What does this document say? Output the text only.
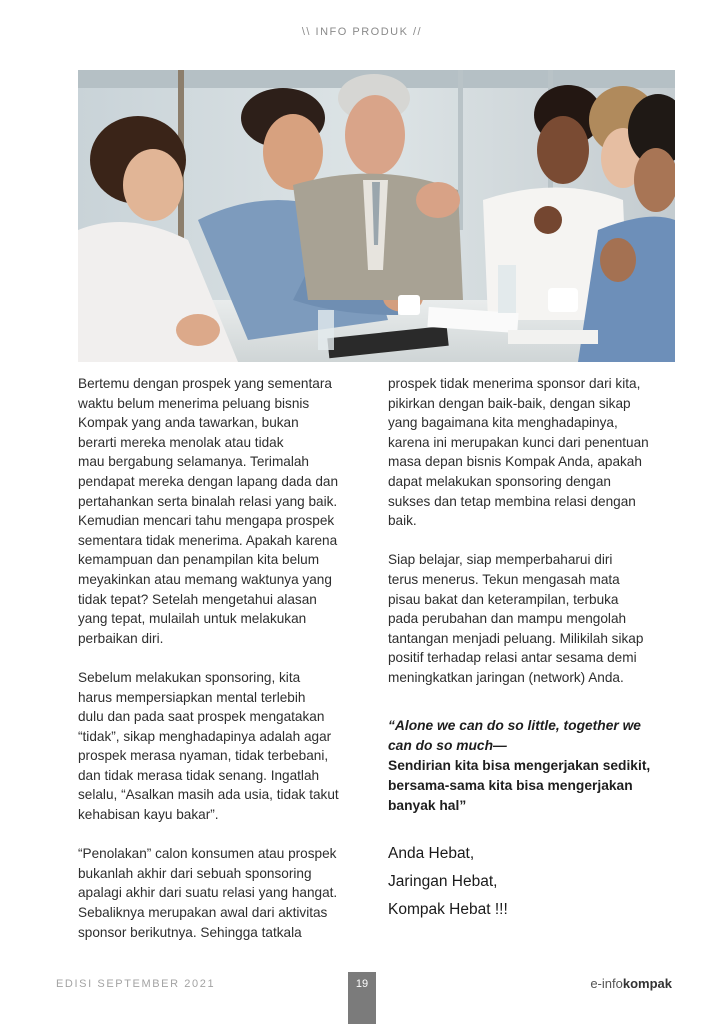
\\ INFO PRODUK //

Bertemu dengan prospek yang sementara
waktu belum menerima peluang bisnis
Kompak yang anda tawarkan, bukan
berarti mereka menolak atau tidak
mau bergabung selamanya. Terimalah
pendapat mereka dengan lapang dada dan
pertahankan serta binalah relasi yang baik.
Kemudian mencari tahu mengapa prospek
sementara tidak menerima. Apakah karena
kemampuan dan penampilan kita belum
meyakinkan atau memang waktunya yang
tidak tepat? Setelah mengetahui alasan
yang tepat, mulailah untuk melakukan
perbaikan diri.

Sebelum melakukan sponsoring, kita
harus mempersiapkan mental terlebih
dulu dan pada saat prospek mengatakan
“tidak”, sikap menghadapinya adalah agar
prospek merasa nyaman, tidak terbebani,
dan tidak merasa tidak senang. Ingatlah
selalu, “Asalkan masih ada usia, tidak takut
kehabisan kayu bakar”.

“Penolakan” calon konsumen atau prospek
bukanlah akhir dari sebuah sponsoring
apalagi akhir dari suatu relasi yang hangat.
Sebaliknya merupakan awal dari aktivitas
sponsor berikutnya. Sehingga tatkala

prospek tidak menerima sponsor dari kita,
pikirkan dengan baik-baik, dengan sikap
yang bagaimana kita menghadapinya,
karena ini merupakan kunci dari penentuan
masa depan bisnis Kompak Anda, apakah
dapat melakukan sponsoring dengan
sukses dan tetap membina relasi dengan
baik.

Siap belajar, siap memperbaharui diri
terus menerus. Tekun mengasah mata
pisau bakat dan keterampilan, terbuka
pada perubahan dan mampu mengolah
tantangan menjadi peluang. Milikilah sikap
positif terhadap relasi antar sesama demi
meningkatkan jaringan (network) Anda.

“Alone we can do so little, together we
can do so much—
Sendirian kita bisa mengerjakan sedikit,
bersama-sama kita bisa mengerjakan
banyak hal”
Anda Hebat,
Jaringan Hebat,
Kompak Hebat !!!
EDISI SEPTEMBER 2021	19	e-infokompak
